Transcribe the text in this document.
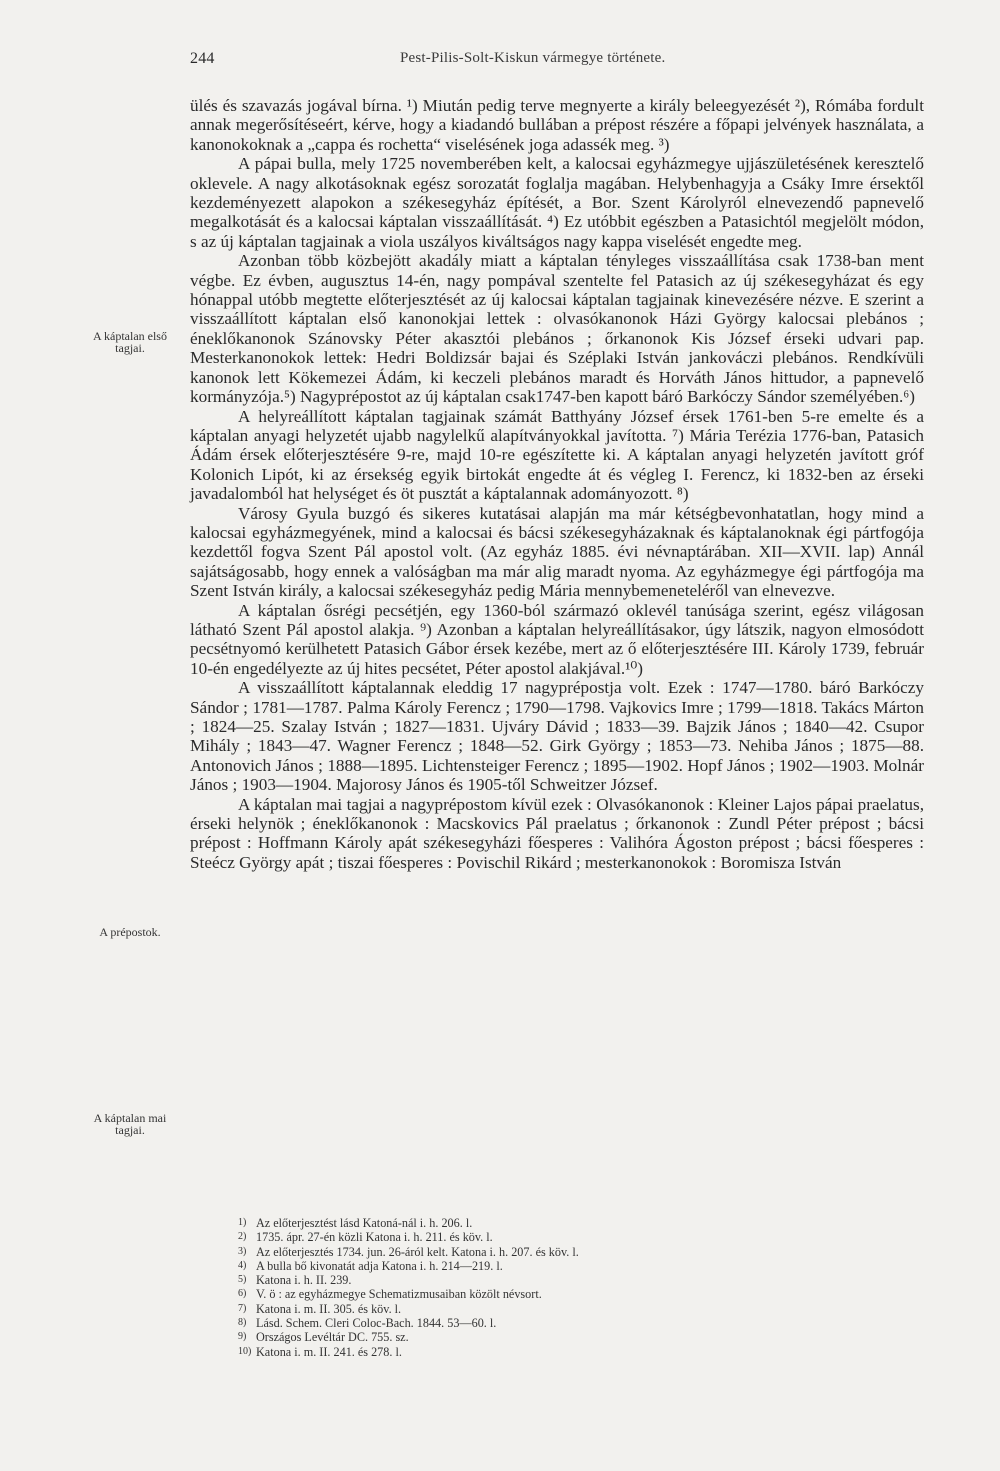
244	Pest-Pilis-Solt-Kiskun vármegye története.
A káptalan első tagjai.
A prépostok.
A káptalan mai tagjai.

ülés és szavazás jogával bírna. ¹) Miután pedig terve megnyerte a király beleegyezését ²), Rómába fordult annak megerősítéseért, kérve, hogy a kiadandó bullában a prépost részére a főpapi jelvények használata, a kanonokoknak a „cappa és rochetta“ viselésének joga adassék meg. ³)

A pápai bulla, mely 1725 novemberében kelt, a kalocsai egyházmegye ujjászületésének keresztelő oklevele. A nagy alkotásoknak egész sorozatát foglalja magában. Helybenhagyja a Csáky Imre érsektől kezdeményezett alapokon a székesegyház építését, a Bor. Szent Károlyról elnevezendő papnevelő megalkotását és a kalocsai káptalan visszaállítását. ⁴) Ez utóbbit egészben a Patasichtól megjelölt módon, s az új káptalan tagjainak a viola uszályos kiváltságos nagy kappa viselését engedte meg.

Azonban több közbejött akadály miatt a káptalan tényleges visszaállítása csak 1738-ban ment végbe. Ez évben, augusztus 14-én, nagy pompával szentelte fel Patasich az új székesegyházat és egy hónappal utóbb megtette előterjesztését az új kalocsai káptalan tagjainak kinevezésére nézve. E szerint a visszaállított káptalan első kanonokjai lettek : olvasókanonok Házi György kalocsai plebános ; éneklőkanonok Szánovsky Péter akasztói plebános ; őrkanonok Kis József érseki udvari pap. Mesterkanonokok lettek: Hedri Boldizsár bajai és Széplaki István jankováczi plebános. Rendkívüli kanonok lett Kökemezei Ádám, ki keczeli plebános maradt és Horváth János hittudor, a papnevelő kormányzója.⁵) Nagyprépostot az új káptalan csak1747-ben kapott báró Barkóczy Sándor személyében.⁶)

A helyreállított káptalan tagjainak számát Batthyány József érsek 1761-ben 5-re emelte és a káptalan anyagi helyzetét ujabb nagylelkű alapítványokkal javította. ⁷) Mária Terézia 1776-ban, Patasich Ádám érsek előterjesztésére 9-re, majd 10-re egészítette ki. A káptalan anyagi helyzetén javított gróf Kolonich Lipót, ki az érsekség egyik birtokát engedte át és végleg I. Ferencz, ki 1832-ben az érseki javadalomból hat helységet és öt pusztát a káptalannak adományozott. ⁸)

Városy Gyula buzgó és sikeres kutatásai alapján ma már kétségbevonhatatlan, hogy mind a kalocsai egyházmegyének, mind a kalocsai és bácsi székesegyházaknak és káptalanoknak égi pártfogója kezdettől fogva Szent Pál apostol volt. (Az egyház 1885. évi névnaptárában. XII—XVII. lap) Annál sajátságosabb, hogy ennek a valóságban ma már alig maradt nyoma. Az egyházmegye égi pártfogója ma Szent István király, a kalocsai székesegyház pedig Mária mennybemeneteléről van elnevezve.

A káptalan ősrégi pecsétjén, egy 1360-ból származó oklevél tanúsága szerint, egész világosan látható Szent Pál apostol alakja. ⁹) Azonban a káptalan helyreállításakor, úgy látszik, nagyon elmosódott pecsétnyomó kerülhetett Patasich Gábor érsek kezébe, mert az ő előterjesztésére III. Károly 1739, február 10-én engedélyezte az új hites pecsétet, Péter apostol alakjával.¹⁰)

A visszaállított káptalannak eleddig 17 nagyprépostja volt. Ezek : 1747—1780. báró Barkóczy Sándor ; 1781—1787. Palma Károly Ferencz ; 1790—1798. Vajkovics Imre ; 1799—1818. Takács Márton ; 1824—25. Szalay István ; 1827—1831. Ujváry Dávid ; 1833—39. Bajzik János ; 1840—42. Csupor Mihály ; 1843—47. Wagner Ferencz ; 1848—52. Girk György ; 1853—73. Nehiba János ; 1875—88. Antonovich János ; 1888—1895. Lichtensteiger Ferencz ; 1895—1902. Hopf János ; 1902—1903. Molnár János ; 1903—1904. Majorosy János és 1905-től Schweitzer József.

A káptalan mai tagjai a nagyprépostom kívül ezek : Olvasókanonok : Kleiner Lajos pápai praelatus, érseki helynök ; éneklőkanonok : Macskovics Pál praelatus ; őrkanonok : Zundl Péter prépost ; bácsi prépost : Hoffmann Károly apát székesegyházi főesperes : Valihóra Ágoston prépost ; bácsi főesperes : Steécz György apát ; tiszai főesperes : Povischil Rikárd ; mesterkanonokok : Boromisza István

1) Az előterjesztést lásd Katoná-nál i. h. 206. l.
2) 1735. ápr. 27-én közli Katona i. h. 211. és köv. l.
3) Az előterjesztés 1734. jun. 26-áról kelt. Katona i. h. 207. és köv. l.
4) A bulla bő kivonatát adja Katona i. h. 214—219. l.
5) Katona i. h. II. 239.
6) V. ö : az egyházmegye Schematizmusaiban közölt névsort.
7) Katona i. m. II. 305. és köv. l.
8) Lásd. Schem. Cleri Coloc-Bach. 1844. 53—60. l.
9) Országos Levéltár DC. 755. sz.
10) Katona i. m. II. 241. és 278. l.
